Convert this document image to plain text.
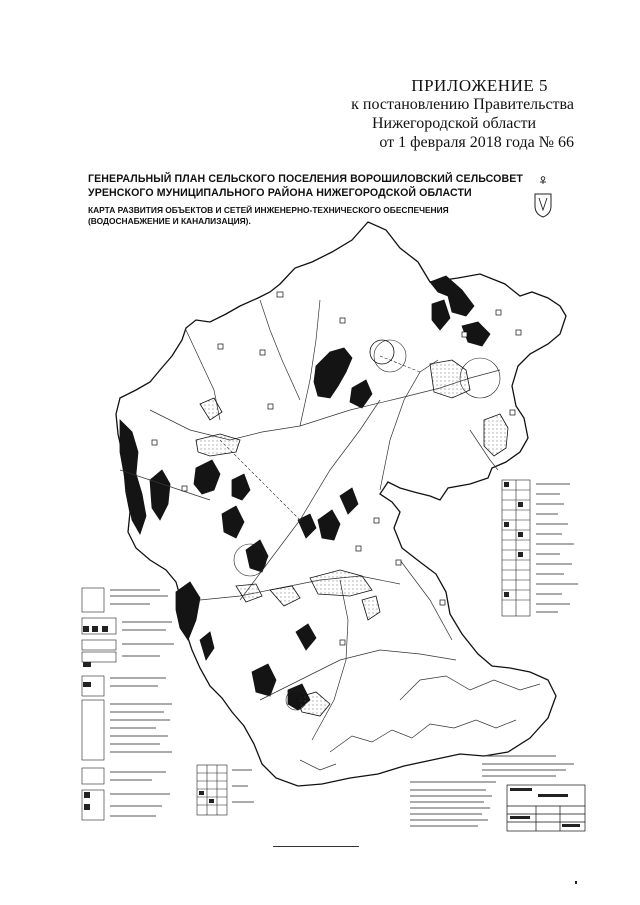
ПРИЛОЖЕНИЕ 5
к постановлению Правительства
Нижегородской области
от 1 февраля 2018 года № 66
ГЕНЕРАЛЬНЫЙ ПЛАН СЕЛЬСКОГО ПОСЕЛЕНИЯ ВОРОШИЛОВСКИЙ СЕЛЬСОВЕТ
УРЕНСКОГО МУНИЦИПАЛЬНОГО РАЙОНА НИЖЕГОРОДСКОЙ ОБЛАСТИ
КАРТА РАЗВИТИЯ ОБЪЕКТОВ И СЕТЕЙ ИНЖЕНЕРНО-ТЕХНИЧЕСКОГО ОБЕСПЕЧЕНИЯ
(ВОДОСНАБЖЕНИЕ И КАНАЛИЗАЦИЯ).
